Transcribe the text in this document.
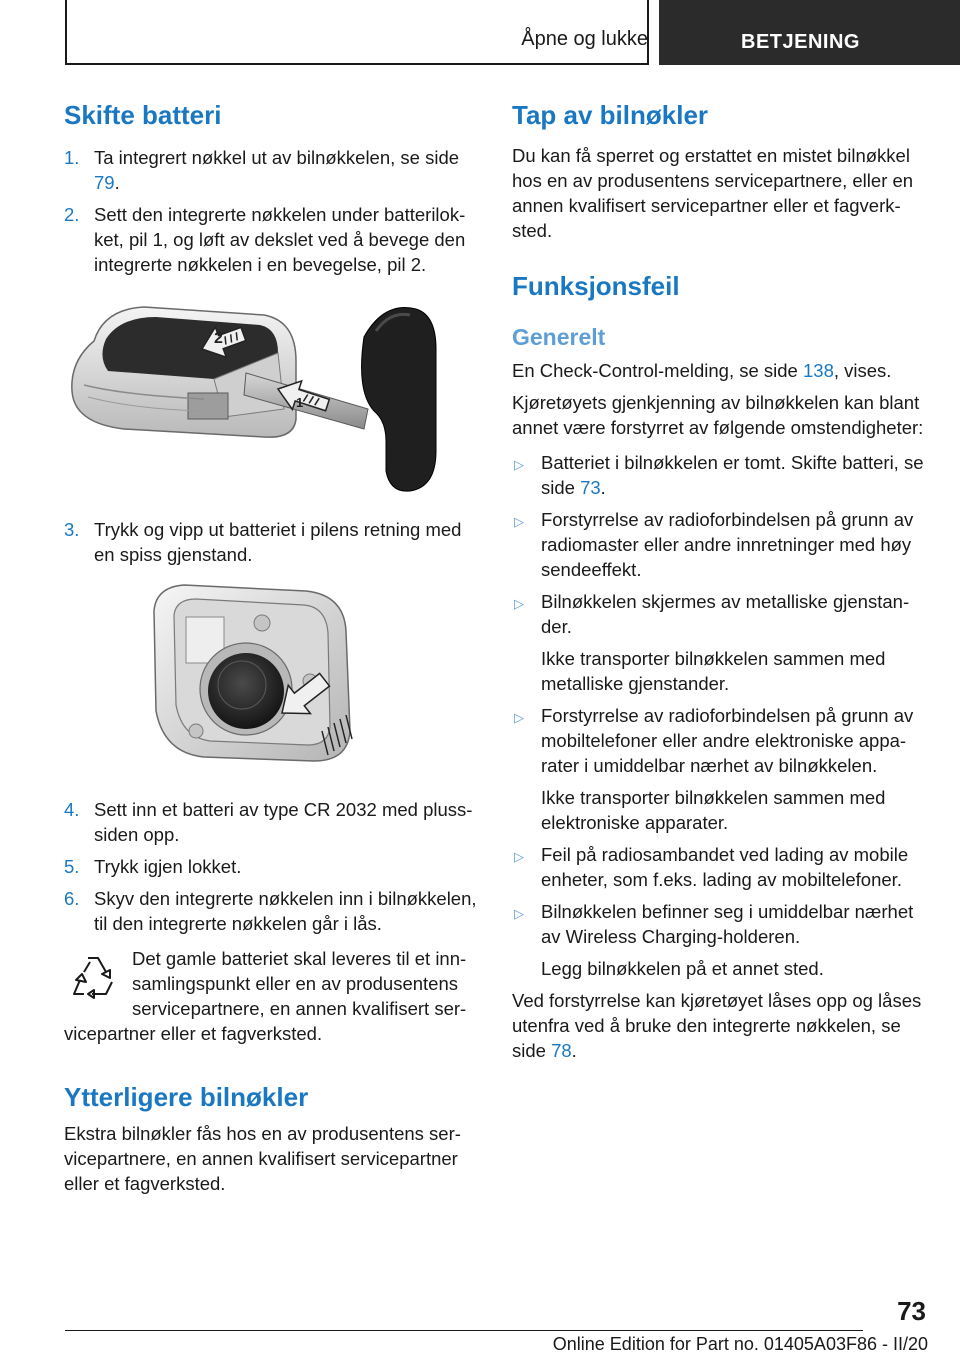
Åpne og lukke	BETJENING
Skifte batteri
1. Ta integrert nøkkel ut av bilnøkkelen, se side 79.
2. Sett den integrerte nøkkelen under batterilokket, pil 1, og løft av dekslet ved å bevege den integrerte nøkkelen i en bevegelse, pil 2.
2
1
3. Trykk og vipp ut batteriet i pilens retning med en spiss gjenstand.
4. Sett inn et batteri av type CR 2032 med pluss-siden opp.
5. Trykk igjen lokket.
6. Skyv den integrerte nøkkelen inn i bilnøkkelen, til den integrerte nøkkelen går i lås.

Det gamle batteriet skal leveres til et innsamlingspunkt eller en av produsentens servicepartnere, en annen kvalifisert servicepartner eller et fagverksted.

Ytterligere bilnøkler

Ekstra bilnøkler fås hos en av produsentens servicepartnere, en annen kvalifisert servicepartner eller et fagverksted.

Tap av bilnøkler

Du kan få sperret og erstattet en mistet bilnøkkel hos en av produsentens servicepartnere, eller en annen kvalifisert servicepartner eller et fagverksted.

Funksjonsfeil
Generelt

En Check-Control-melding, se side 138, vises.

Kjøretøyets gjenkjenning av bilnøkkelen kan blant annet være forstyrret av følgende omstendigheter:

▷ Batteriet i bilnøkkelen er tomt. Skifte batteri, se side 73.
▷ Forstyrrelse av radioforbindelsen på grunn av radiomaster eller andre innretninger med høy sendeeffekt.
▷ Bilnøkkelen skjermes av metalliske gjenstander.
Ikke transporter bilnøkkelen sammen med metalliske gjenstander.
▷ Forstyrrelse av radioforbindelsen på grunn av mobiltelefoner eller andre elektroniske apparater i umiddelbar nærhet av bilnøkkelen.
Ikke transporter bilnøkkelen sammen med elektroniske apparater.
▷ Feil på radiosambandet ved lading av mobile enheter, som f.eks. lading av mobiltelefoner.
▷ Bilnøkkelen befinner seg i umiddelbar nærhet av Wireless Charging-holderen.
Legg bilnøkkelen på et annet sted.

Ved forstyrrelse kan kjøretøyet låses opp og låses utenfra ved å bruke den integrerte nøkkelen, se side 78.

73
Online Edition for Part no. 01405A03F86 - II/20
